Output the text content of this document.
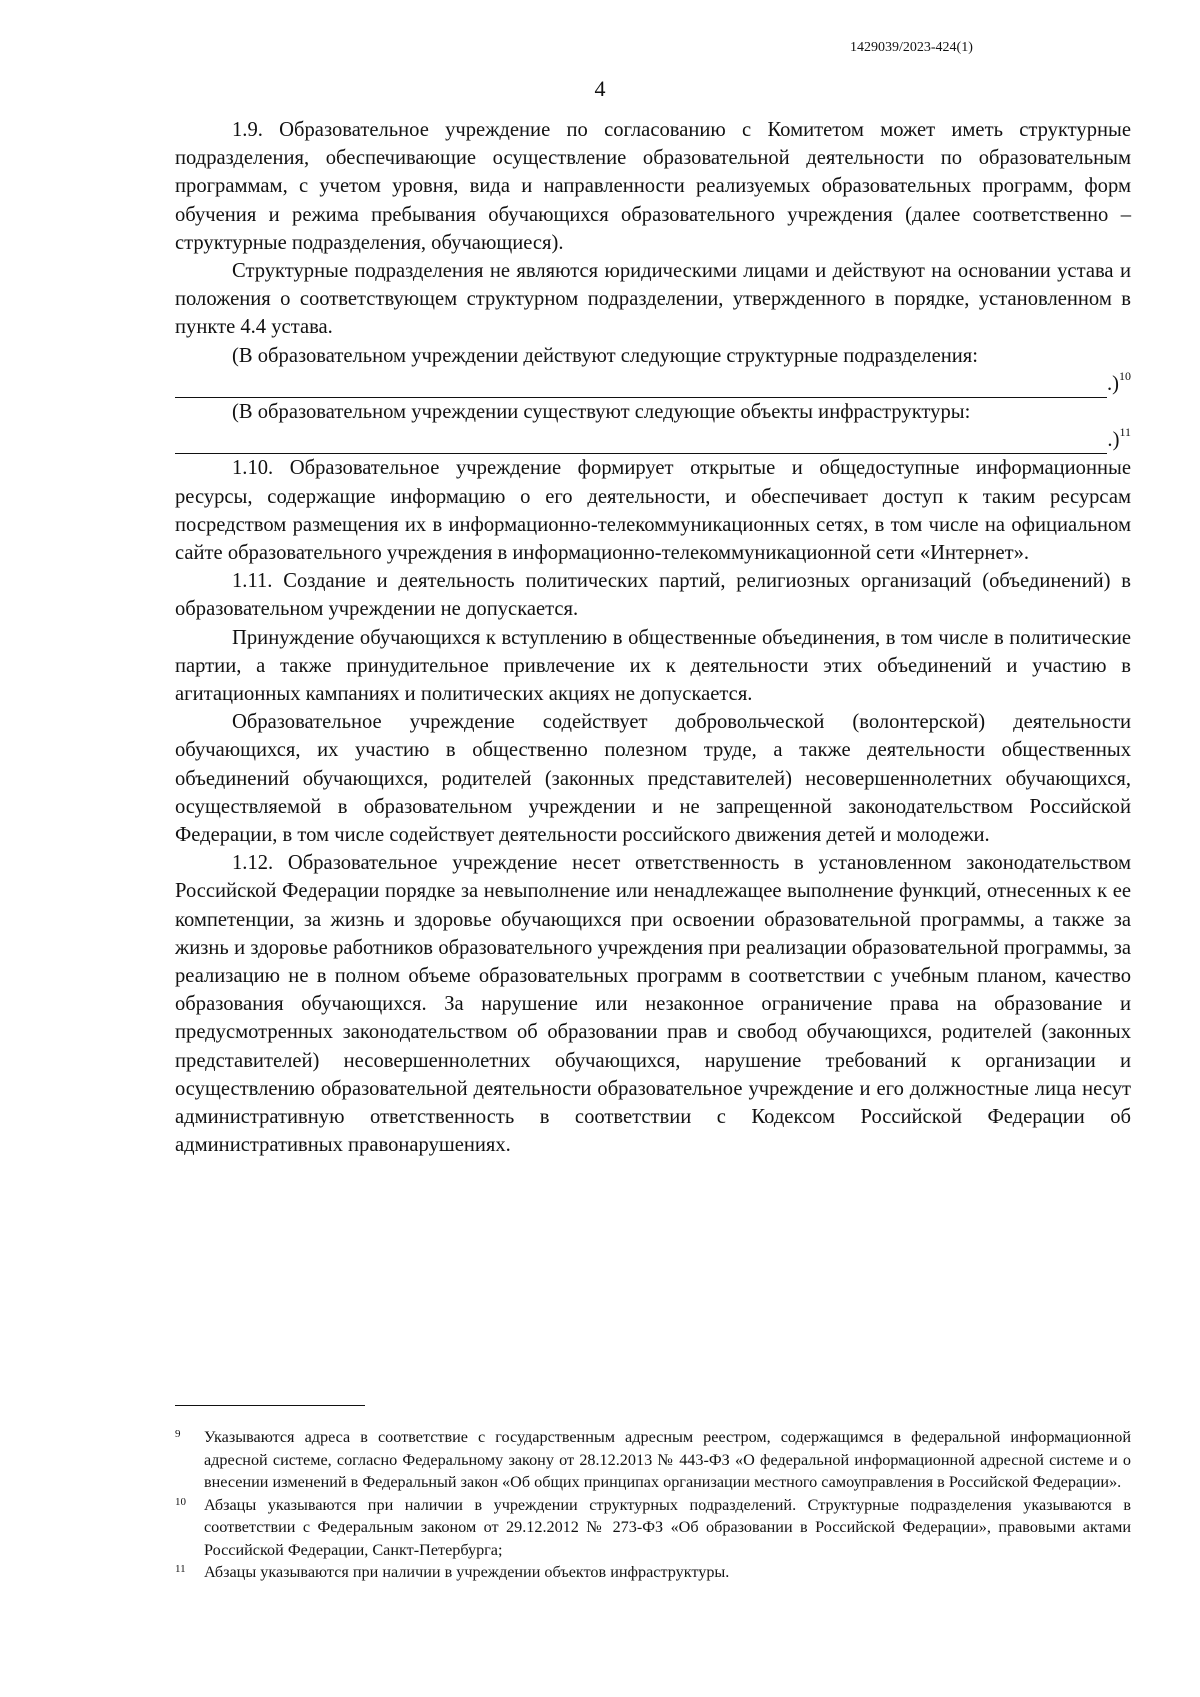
1429039/2023-424(1)
4

1.9. Образовательное учреждение по согласованию с Комитетом может иметь структурные подразделения, обеспечивающие осуществление образовательной деятельности по образовательным программам, с учетом уровня, вида и направленности реализуемых образовательных программ, форм обучения и режима пребывания обучающихся образовательного учреждения (далее соответственно – структурные подразделения, обучающиеся).

Структурные подразделения не являются юридическими лицами и действуют на основании устава и положения о соответствующем структурном подразделении, утвержденного в порядке, установленном в пункте 4.4 устава.

(В образовательном учреждении действуют следующие структурные подразделения:

.)$^{10}$

(В образовательном учреждении существуют следующие объекты инфраструктуры:

.)$^{11}$

1.10. Образовательное учреждение формирует открытые и общедоступные информационные ресурсы, содержащие информацию о его деятельности, и обеспечивает доступ к таким ресурсам посредством размещения их в информационно-телекоммуникационных сетях, в том числе на официальном сайте образовательного учреждения в информационно-телекоммуникационной сети «Интернет».

1.11. Создание и деятельность политических партий, религиозных организаций (объединений) в образовательном учреждении не допускается.

Принуждение обучающихся к вступлению в общественные объединения, в том числе в политические партии, а также принудительное привлечение их к деятельности этих объединений и участию в агитационных кампаниях и политических акциях не допускается.

Образовательное учреждение содействует добровольческой (волонтерской) деятельности обучающихся, их участию в общественно полезном труде, а также деятельности общественных объединений обучающихся, родителей (законных представителей) несовершеннолетних обучающихся, осуществляемой в образовательном учреждении и не запрещенной законодательством Российской Федерации, в том числе содействует деятельности российского движения детей и молодежи.

1.12. Образовательное учреждение несет ответственность в установленном законодательством Российской Федерации порядке за невыполнение или ненадлежащее выполнение функций, отнесенных к ее компетенции, за жизнь и здоровье обучающихся при освоении образовательной программы, а также за жизнь и здоровье работников образовательного учреждения при реализации образовательной программы, за реализацию не в полном объеме образовательных программ в соответствии с учебным планом, качество образования обучающихся. За нарушение или незаконное ограничение права на образование и предусмотренных законодательством об образовании прав и свобод обучающихся, родителей (законных представителей) несовершеннолетних обучающихся, нарушение требований к организации и осуществлению образовательной деятельности образовательное учреждение и его должностные лица несут административную ответственность в соответствии с Кодексом Российской Федерации об административных правонарушениях.

9	Указываются адреса в соответствие с государственным адресным реестром, содержащимся в федеральной информационной адресной системе, согласно Федеральному закону от 28.12.2013 № 443-ФЗ «О федеральной информационной адресной системе и о внесении изменений в Федеральный закон «Об общих принципах организации местного самоуправления в Российской Федерации».
10	Абзацы указываются при наличии в учреждении структурных подразделений. Структурные подразделения указываются в соответствии с Федеральным законом от 29.12.2012 № 273-ФЗ «Об образовании в Российской Федерации», правовыми актами Российской Федерации, Санкт-Петербурга;
11	Абзацы указываются при наличии в учреждении объектов инфраструктуры.
